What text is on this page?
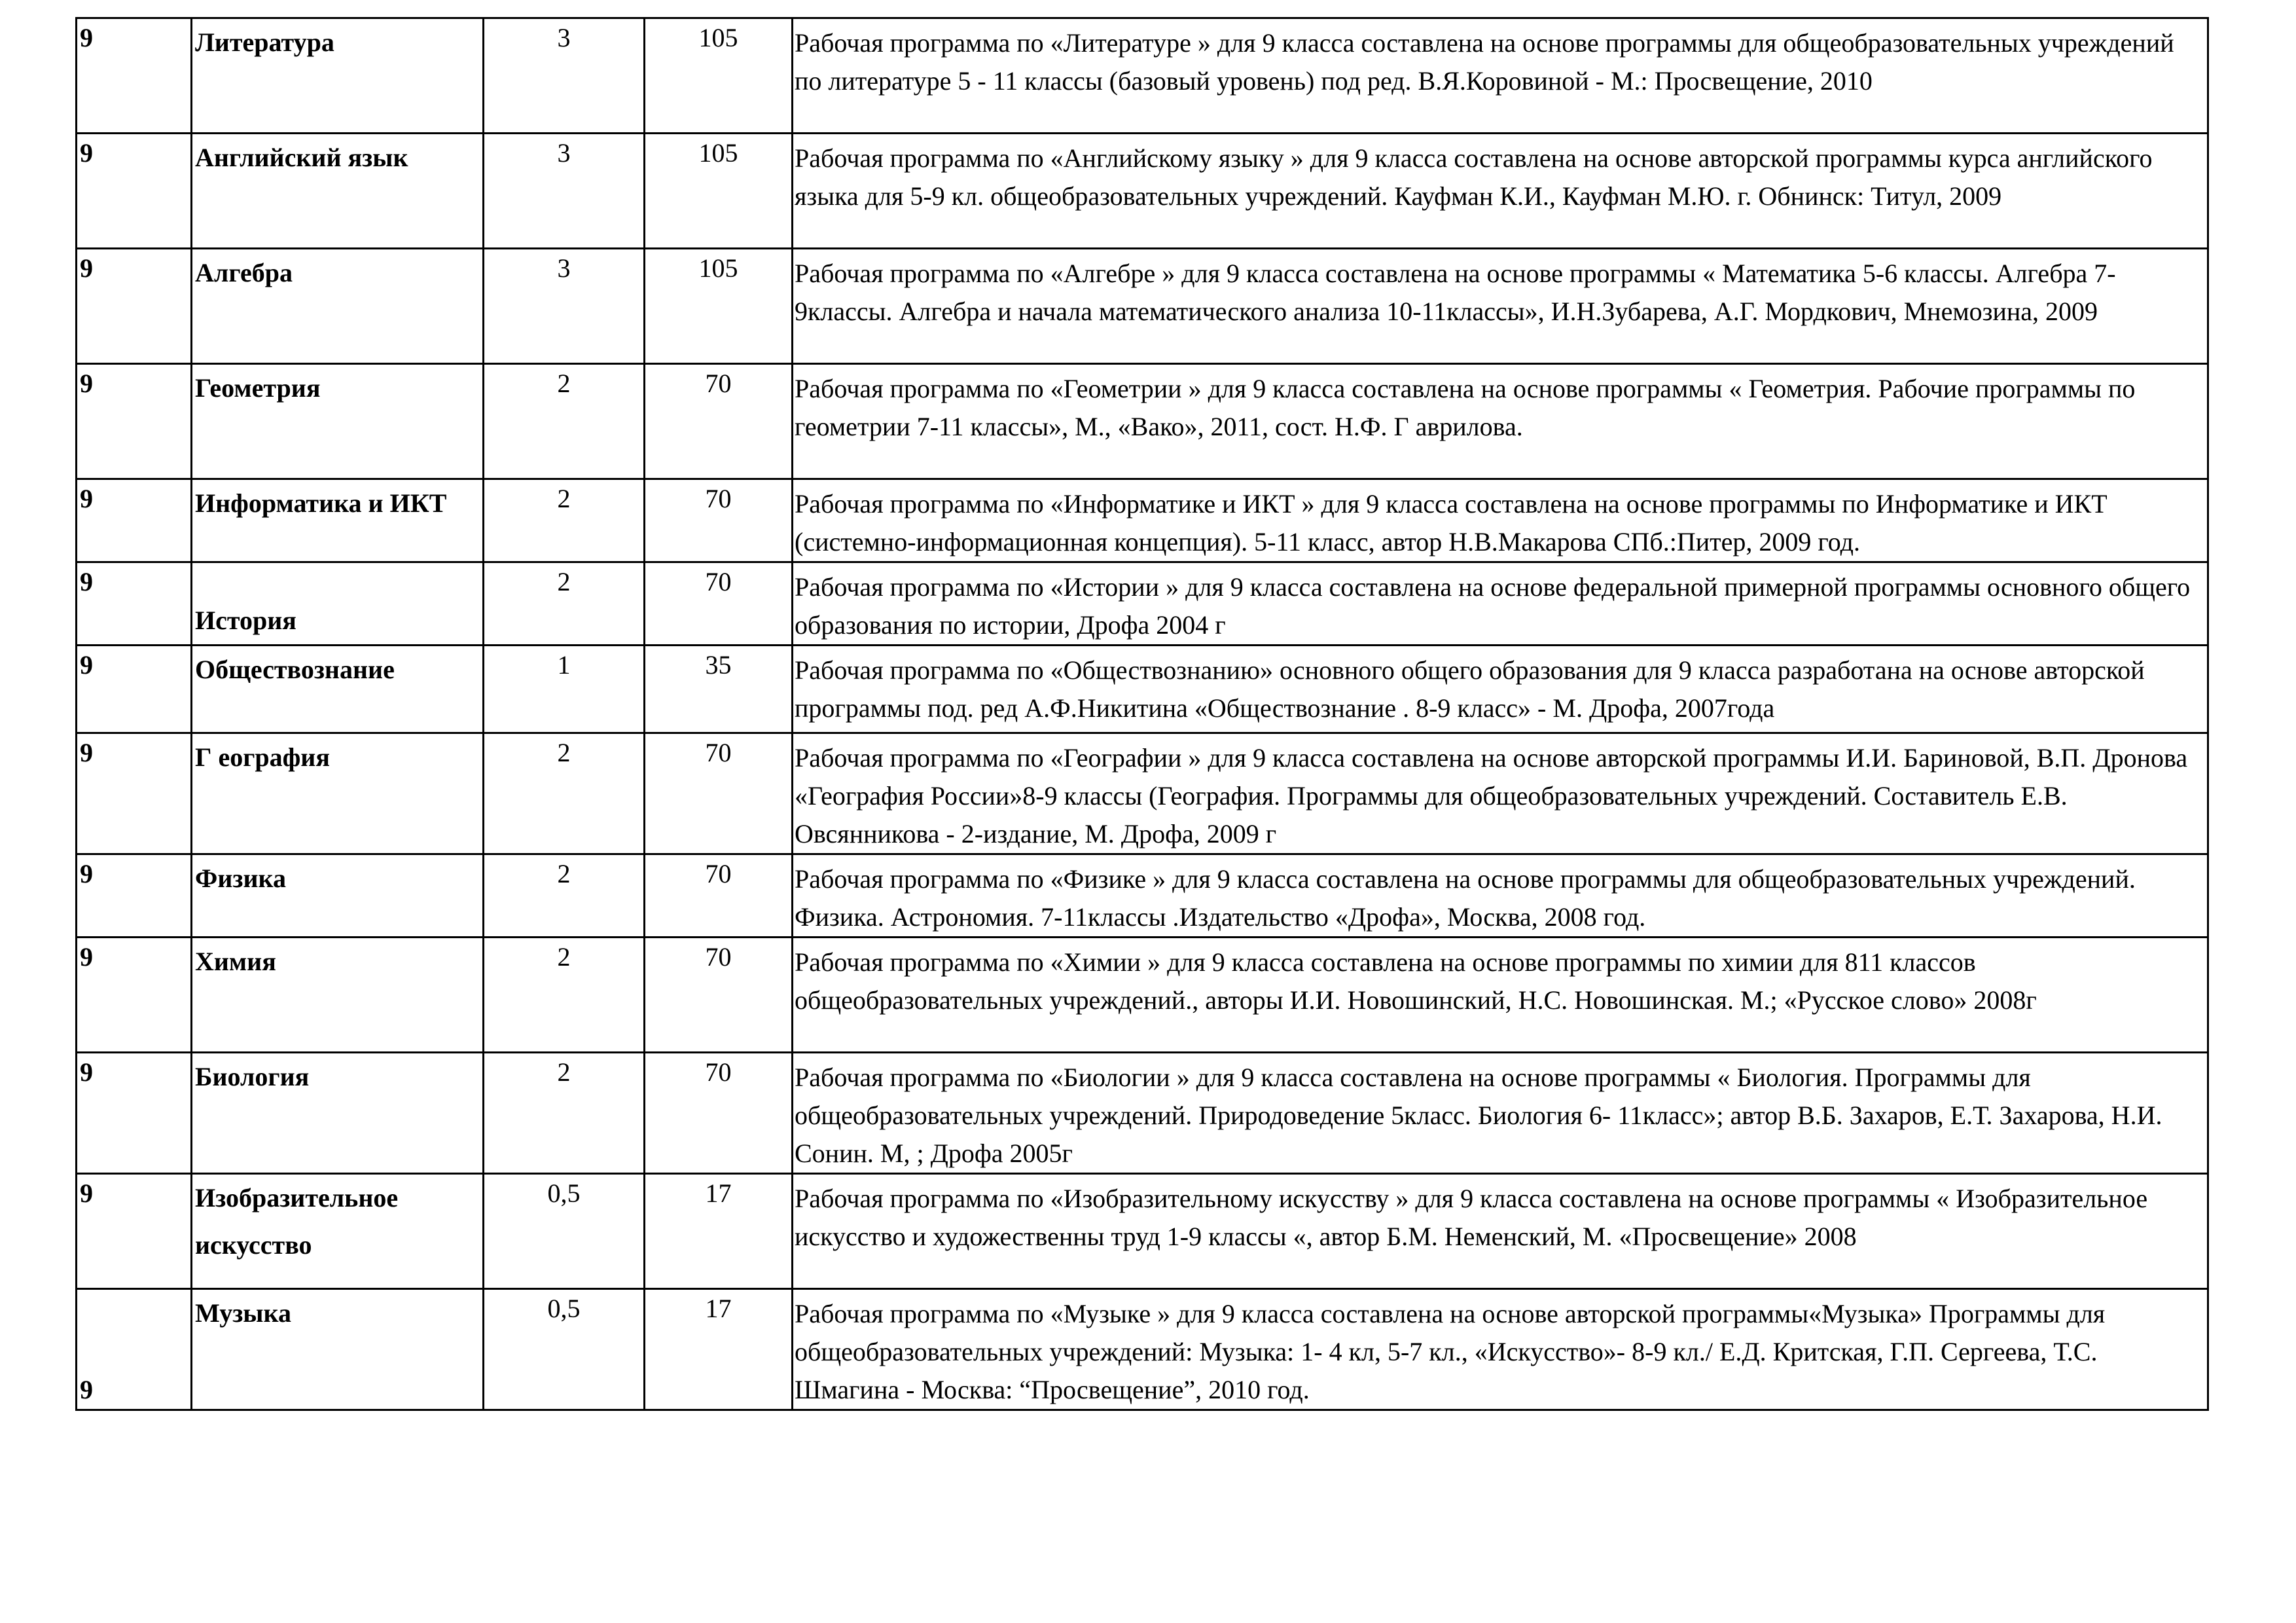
9	Литература	3	105	Рабочая программа по «Литературе » для 9 класса составлена на основе программы для общеобразовательных учреждений по литературе 5 - 11 классы (базовый уровень) под ред. В.Я.Коровиной - М.: Просвещение, 2010
9	Английский язык	3	105	Рабочая программа по «Английскому языку » для 9 класса составлена на основе авторской программы курса английского языка для 5-9 кл. общеобразовательных учреждений. Кауфман К.И., Кауфман М.Ю. г. Обнинск: Титул, 2009
9	Алгебра	3	105	Рабочая программа по «Алгебре » для 9 класса составлена на основе программы « Математика 5-6 классы. Алгебра 7-9классы. Алгебра и начала математического анализа 10-11классы», И.Н.Зубарева, А.Г. Мордкович, Мнемозина, 2009
9	Геометрия	2	70	Рабочая программа по «Геометрии » для 9 класса составлена на основе программы « Геометрия. Рабочие программы по геометрии 7-11 классы», М., «Вако», 2011, сост. Н.Ф. Г аврилова.
9	Информатика и ИКТ	2	70	Рабочая программа по «Информатике и ИКТ » для 9 класса составлена на основе программы по Информатике и ИКТ (системно-информационная концепция). 5-11 класс, автор Н.В.Макарова СПб.:Питер, 2009 год.
9	История	2	70	Рабочая программа по «Истории » для 9 класса составлена на основе федеральной примерной программы основного общего образования по истории, Дрофа 2004 г
9	Обществознание	1	35	Рабочая программа по «Обществознанию» основного общего образования для 9 класса разработана на основе авторской программы под. ред А.Ф.Никитина «Обществознание . 8-9 класс» - М. Дрофа, 2007года
9	Г еография	2	70	Рабочая программа по «Географии » для 9 класса составлена на основе авторской программы И.И. Бариновой, В.П. Дронова «География России»8-9 классы (География. Программы для общеобразовательных учреждений. Составитель Е.В. Овсянникова - 2-издание, М. Дрофа, 2009 г
9	Физика	2	70	Рабочая программа по «Физике » для 9 класса составлена на основе программы для общеобразовательных учреждений. Физика. Астрономия. 7-11классы .Издательство «Дрофа», Москва, 2008 год.
9	Химия	2	70	Рабочая программа по «Химии » для 9 класса составлена на основе программы по химии для 811 классов общеобразовательных учреждений., авторы И.И. Новошинский, Н.С. Новошинская. М.; «Русское слово» 2008г
9	Биология	2	70	Рабочая программа по «Биологии » для 9 класса составлена на основе программы « Биология. Программы для общеобразовательных учреждений. Природоведение 5класс. Биология 6- 11класс»; автор В.Б. Захаров, Е.Т. Захарова, Н.И. Сонин. М, ; Дрофа 2005г
9	Изобразительное искусство	0,5	17	Рабочая программа по «Изобразительному искусству » для 9 класса составлена на основе программы « Изобразительное искусство и художественны труд 1-9 классы «, автор Б.М. Неменский, М. «Просвещение» 2008
9	Музыка	0,5	17	Рабочая программа по «Музыке » для 9 класса составлена на основе авторской программы«Музыка» Программы для общеобразовательных учреждений: Музыка: 1- 4 кл, 5-7 кл., «Искусство»- 8-9 кл./ Е.Д. Критская, Г.П. Сергеева, Т.С. Шмагина - Москва: “Просвещение”, 2010 год.
